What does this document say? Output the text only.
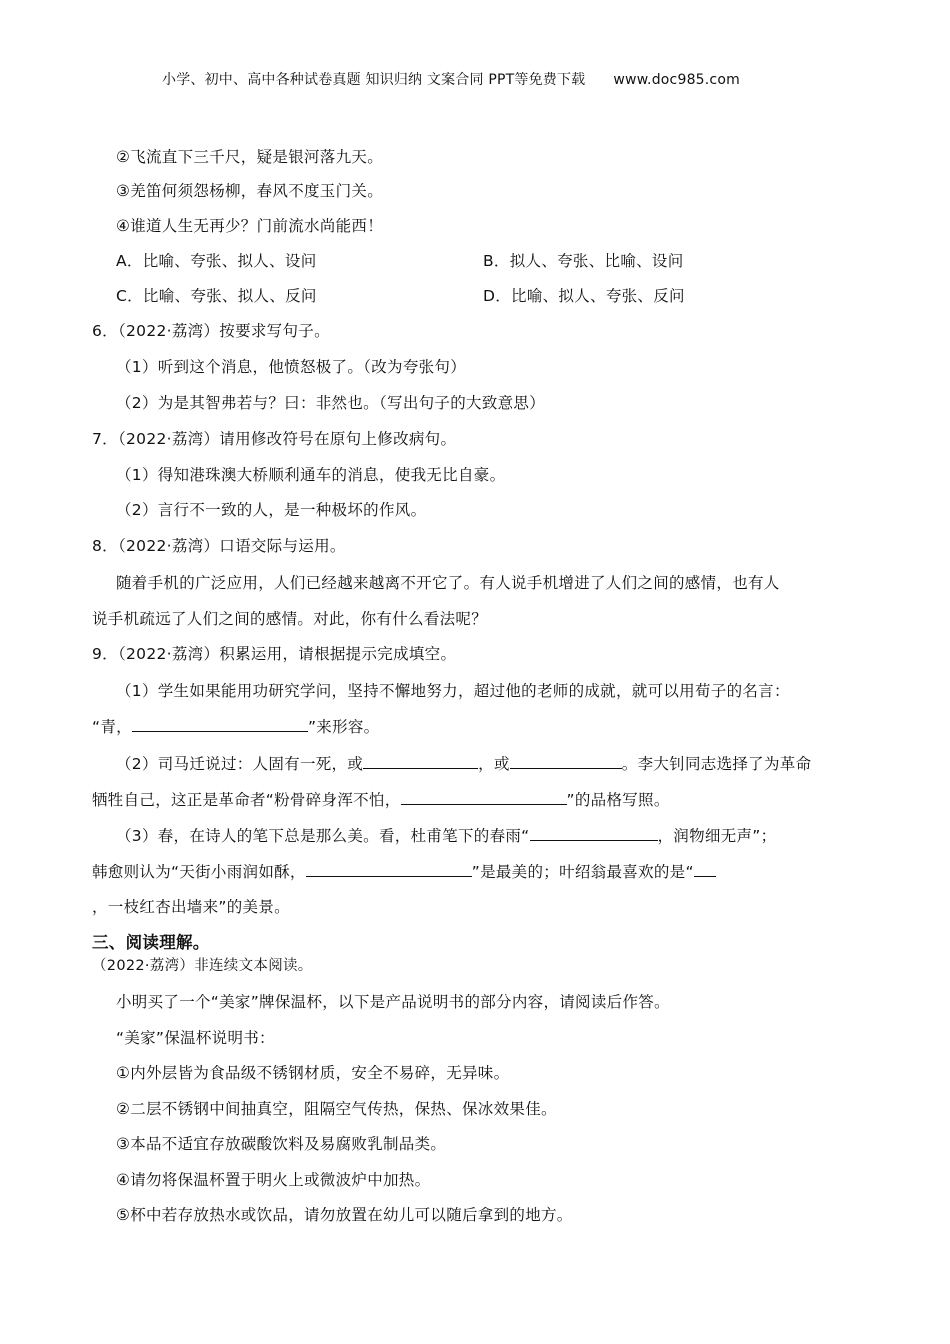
小学、初中、高中各种试卷真题 知识归纳 文案合同 PPT等免费下载 www.doc985.com
②飞流直下三千尺，疑是银河落九天。
③羌笛何须怨杨柳，春风不度玉门关。
④谁道人生无再少？门前流水尚能西！
A．比喻、夸张、拟人、设问	B．拟人、夸张、比喻、设问
C．比喻、夸张、拟人、反问	D．比喻、拟人、夸张、反问
6．（2022·荔湾）按要求写句子。
（1）听到这个消息，他愤怒极了。（改为夸张句）
（2）为是其智弗若与？曰：非然也。（写出句子的大致意思）
7．（2022·荔湾）请用修改符号在原句上修改病句。
（1）得知港珠澳大桥顺利通车的消息，使我无比自豪。
（2）言行不一致的人，是一种极坏的作风。
8．（2022·荔湾）口语交际与运用。
随着手机的广泛应用，人们已经越来越离不开它了。有人说手机增进了人们之间的感情，也有人
说手机疏远了人们之间的感情。对此，你有什么看法呢？
9．（2022·荔湾）积累运用，请根据提示完成填空。
（1）学生如果能用功研究学问，坚持不懈地努力，超过他的老师的成就，就可以用荀子的名言：
“青，	”来形容。
（2）司马迁说过：人固有一死，或	，或	。李大钊同志选择了为革命
牺牲自己，这正是革命者“粉骨碎身浑不怕，	”的品格写照。
（3）春，在诗人的笔下总是那么美。看，杜甫笔下的春雨“	，润物细无声”；
韩愈则认为“天街小雨润如酥，	”是最美的；叶绍翁最喜欢的是“
，一枝红杏出墙来”的美景。
三、阅读理解。
（2022·荔湾）非连续文本阅读。
小明买了一个“美家”牌保温杯，以下是产品说明书的部分内容，请阅读后作答。
“美家”保温杯说明书：
①内外层皆为食品级不锈钢材质，安全不易碎，无异味。
②二层不锈钢中间抽真空，阻隔空气传热，保热、保冰效果佳。
③本品不适宜存放碳酸饮料及易腐败乳制品类。
④请勿将保温杯置于明火上或微波炉中加热。
⑤杯中若存放热水或饮品，请勿放置在幼儿可以随后拿到的地方。
